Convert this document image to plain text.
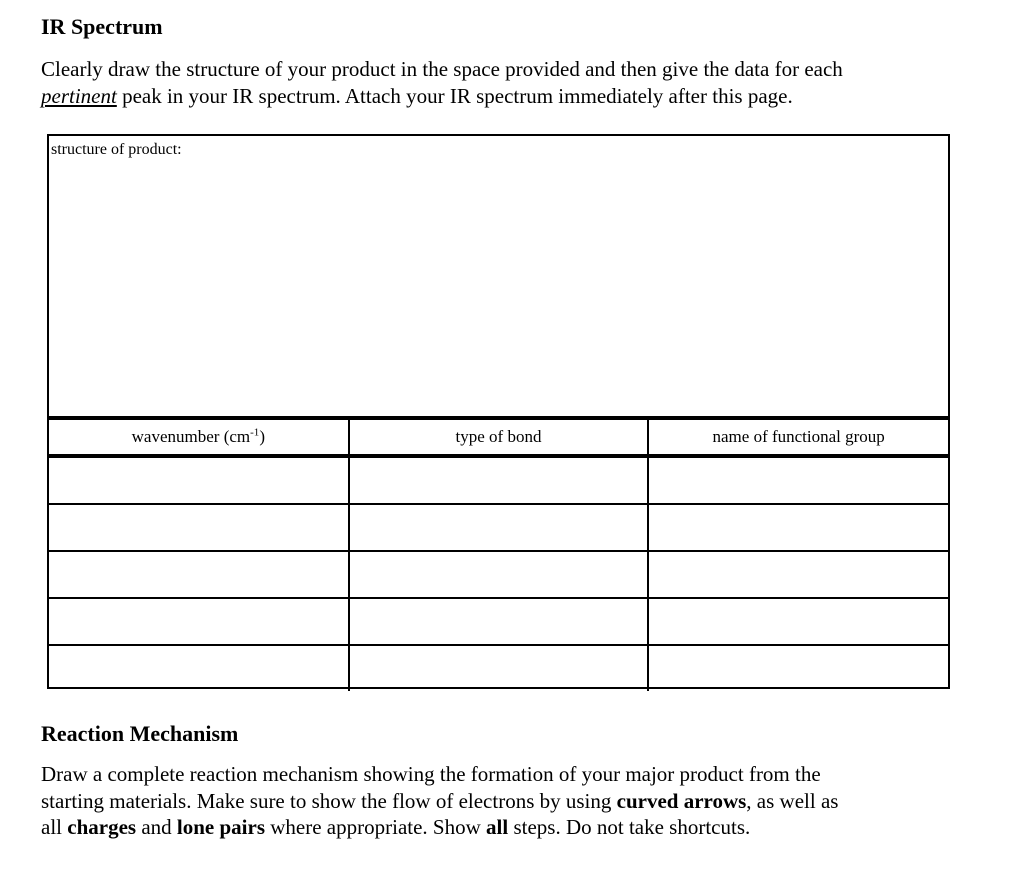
IR Spectrum
Clearly draw the structure of your product in the space provided and then give the data for each
pertinent peak in your IR spectrum. Attach your IR spectrum immediately after this page.
structure of product:
wavenumber $(cm^{-1})$	type of bond	name of functional group

Reaction Mechanism
Draw a complete reaction mechanism showing the formation of your major product from the
starting materials. Make sure to show the flow of electrons by using curved arrows, as well as
all charges and lone pairs where appropriate. Show all steps. Do not take shortcuts.
